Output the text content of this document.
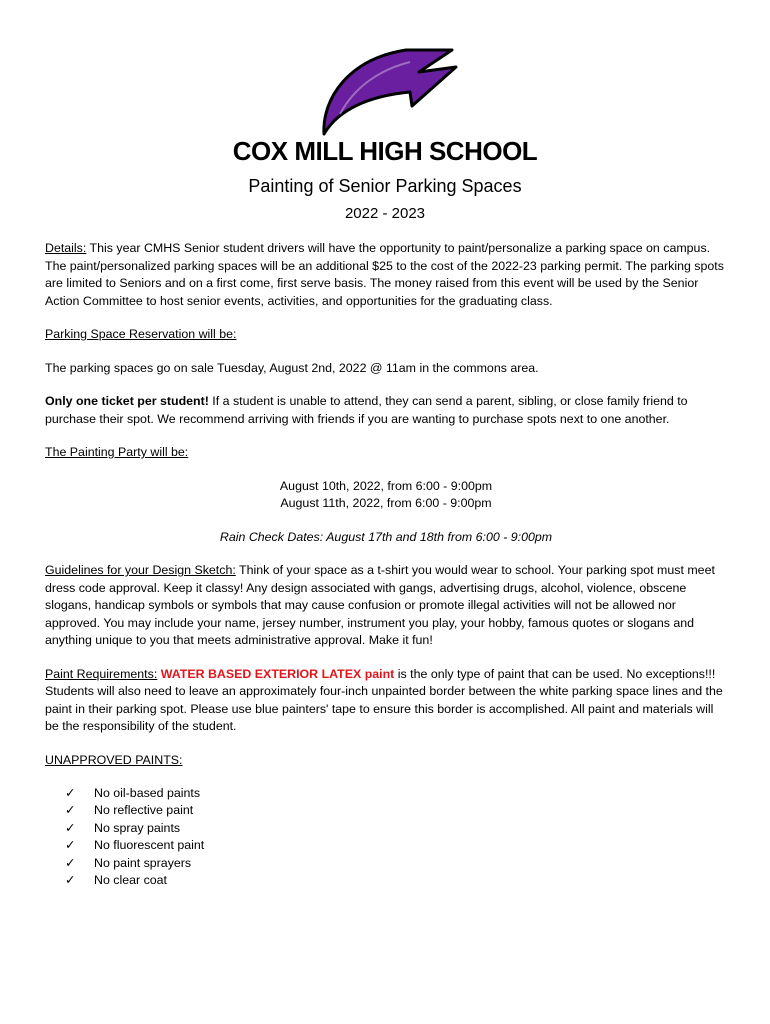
COX MILL HIGH SCHOOL
Painting of Senior Parking Spaces
2022 - 2023

Details: This year CMHS Senior student drivers will have the opportunity to paint/personalize a parking space on campus. The paint/personalized parking spaces will be an additional $25 to the cost of the 2022-23 parking permit. The parking spots are limited to Seniors and on a first come, first serve basis. The money raised from this event will be used by the Senior Action Committee to host senior events, activities, and opportunities for the graduating class.

Parking Space Reservation will be:

The parking spaces go on sale Tuesday, August 2nd, 2022 @ 11am in the commons area.

Only one ticket per student! If a student is unable to attend, they can send a parent, sibling, or close family friend to purchase their spot. We recommend arriving with friends if you are wanting to purchase spots next to one another.

The Painting Party will be:

August 10th, 2022, from 6:00 - 9:00pm
August 11th, 2022, from 6:00 - 9:00pm

Rain Check Dates: August 17th and 18th from 6:00 - 9:00pm

Guidelines for your Design Sketch: Think of your space as a t-shirt you would wear to school. Your parking spot must meet dress code approval. Keep it classy! Any design associated with gangs, advertising drugs, alcohol, violence, obscene slogans, handicap symbols or symbols that may cause confusion or promote illegal activities will not be allowed nor approved. You may include your name, jersey number, instrument you play, your hobby, famous quotes or slogans and anything unique to you that meets administrative approval. Make it fun!

Paint Requirements: WATER BASED EXTERIOR LATEX paint is the only type of paint that can be used. No exceptions!!! Students will also need to leave an approximately four-inch unpainted border between the white parking space lines and the paint in their parking spot. Please use blue painters' tape to ensure this border is accomplished. All paint and materials will be the responsibility of the student.

UNAPPROVED PAINTS:

✓	No oil-based paints
✓	No reflective paint
✓	No spray paints
✓	No fluorescent paint
✓	No paint sprayers
✓	No clear coat
